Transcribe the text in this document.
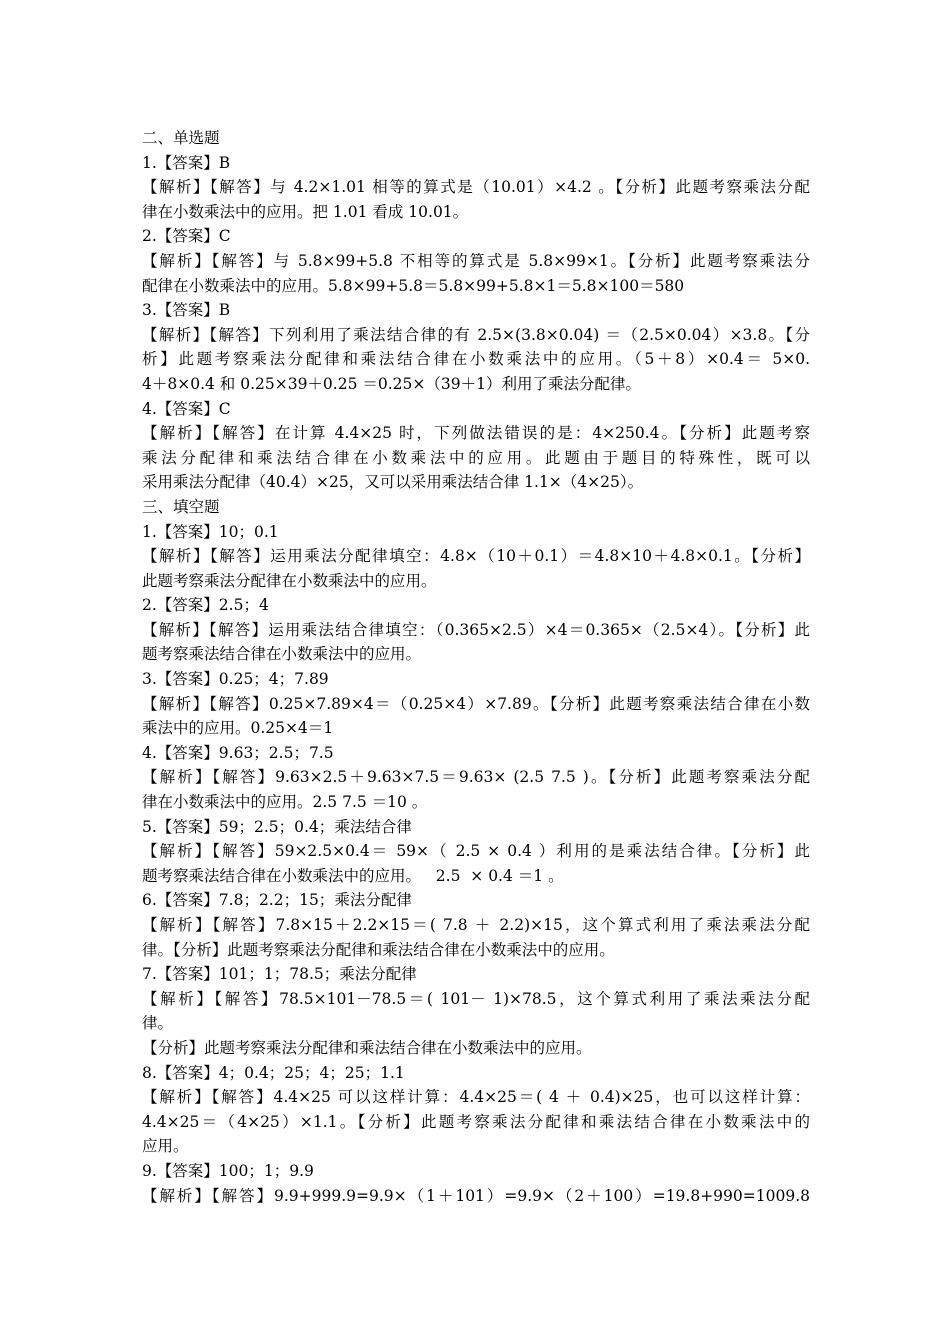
二、单选题
1.【答案】B
【解析】【解答】与 4.2×1.01 相等的算式是（10.01）×4.2 。【分析】此题考察乘法分配
律在小数乘法中的应用。把 1.01 看成 10.01。
2.【答案】C
【解析】【解答】与 5.8×99+5.8 不相等的算式是 5.8×99×1。【分析】此题考察乘法分
配律在小数乘法中的应用。5.8×99+5.8＝5.8×99+5.8×1＝5.8×100＝580
3.【答案】B
【解析】【解答】下列利用了乘法结合律的有 2.5×(3.8×0.04) ＝（2.5×0.04）×3.8。【分
析】此题考察乘法分配律和乘法结合律在小数乘法中的应用。（5＋8）×0.4＝ 5×0.
4＋8×0.4 和 0.25×39＋0.25 ＝0.25×（39＋1）利用了乘法分配律。
4.【答案】C
【解析】【解答】在计算 4.4×25 时，下列做法错误的是：4×250.4。【分析】此题考察
乘法分配律和乘法结合律在小数乘法中的应用。此题由于题目的特殊性，既可以
采用乘法分配律（40.4）×25，又可以采用乘法结合律 1.1×（4×25）。
三、填空题
1.【答案】10；0.1
【解析】【解答】运用乘法分配律填空：4.8×（10＋0.1）＝4.8×10＋4.8×0.1。【分析】
此题考察乘法分配律在小数乘法中的应用。
2.【答案】2.5；4
【解析】【解答】运用乘法结合律填空：（0.365×2.5）×4＝0.365×（2.5×4）。【分析】此
题考察乘法结合律在小数乘法中的应用。
3.【答案】0.25；4；7.89
【解析】【解答】0.25×7.89×4＝（0.25×4）×7.89。【分析】此题考察乘法结合律在小数
乘法中的应用。0.25×4＝1
4.【答案】9.63；2.5；7.5
【解析】【解答】9.63×2.5＋9.63×7.5＝9.63× (2.5 7.5 )。【分析】此题考察乘法分配
律在小数乘法中的应用。2.5 7.5 ＝10 。
5.【答案】59；2.5；0.4；乘法结合律
【解析】【解答】59×2.5×0.4＝ 59×（ 2.5 × 0.4 ）利用的是乘法结合律。【分析】此
题考察乘法结合律在小数乘法中的应用。   2.5  × 0.4 ＝1 。
6.【答案】7.8；2.2；15；乘法分配律
【解析】【解答】7.8×15＋2.2×15＝( 7.8 ＋ 2.2)×15，这个算式利用了乘法乘法分配
律。【分析】此题考察乘法分配律和乘法结合律在小数乘法中的应用。
7.【答案】101；1；78.5；乘法分配律
【解析】【解答】78.5×101－78.5＝( 101－ 1)×78.5，这个算式利用了乘法乘法分配
律。
【分析】此题考察乘法分配律和乘法结合律在小数乘法中的应用。
8.【答案】4；0.4；25；4；25；1.1
【解析】【解答】4.4×25 可以这样计算：4.4×25＝( 4 ＋ 0.4)×25，也可以这样计算：
4.4×25＝（4×25）×1.1。【分析】此题考察乘法分配律和乘法结合律在小数乘法中的
应用。
9.【答案】100；1；9.9
【解析】【解答】9.9+999.9=9.9×（1＋101）=9.9×（2＋100）=19.8+990=1009.8
